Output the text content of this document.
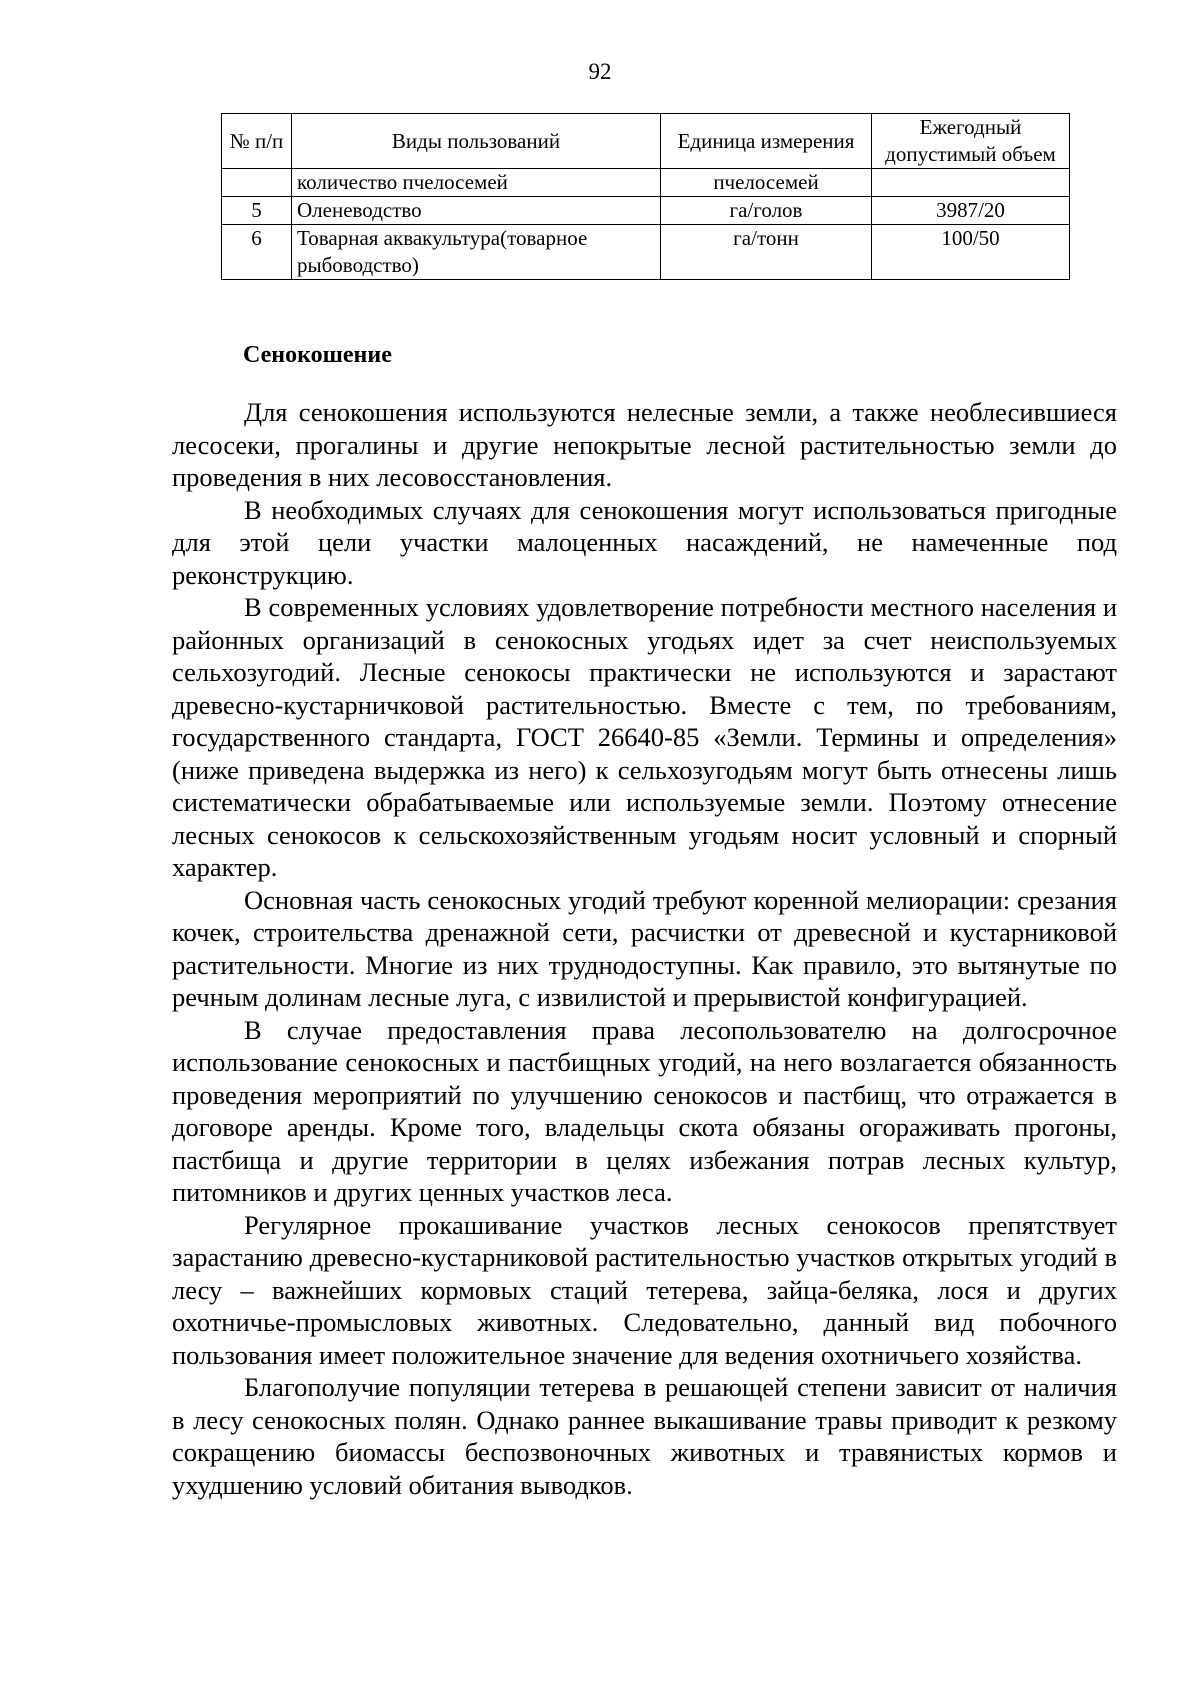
92
№ п/п	Виды пользований	Единица измерения	Ежегодный допустимый объем
	количество пчелосемей	пчелосемей	
5	Оленеводство	га/голов	3987/20
6	Товарная аквакультура(товарное рыбоводство)	га/тонн	100/50
Сенокошение

Для сенокошения используются нелесные земли, а также необлесившиеся лесосеки, прогалины и другие непокрытые лесной растительностью земли до проведения в них лесовосстановления.

В необходимых случаях для сенокошения могут использоваться пригодные для этой цели участки малоценных насаждений, не намеченные под реконструкцию.

В современных условиях удовлетворение потребности местного населения и районных организаций в сенокосных угодьях идет за счет неиспользуемых сельхозугодий. Лесные сенокосы практически не используются и зарастают древесно-кустарничковой растительностью. Вместе с тем, по требованиям, государственного стандарта, ГОСТ 26640-85 «Земли. Термины и определения» (ниже приведена выдержка из него) к сельхозугодьям могут быть отнесены лишь систематически обрабатываемые или используемые земли. Поэтому отнесение лесных сенокосов к сельскохозяйственным угодьям носит условный и спорный характер.

Основная часть сенокосных угодий требуют коренной мелиорации: срезания кочек, строительства дренажной сети, расчистки от древесной и кустарниковой растительности. Многие из них труднодоступны. Как правило, это вытянутые по речным долинам лесные луга, с извилистой и прерывистой конфигурацией.

В случае предоставления права лесопользователю на долгосрочное использование сенокосных и пастбищных угодий, на него возлагается обязанность проведения мероприятий по улучшению сенокосов и пастбищ, что отражается в договоре аренды. Кроме того, владельцы скота обязаны огораживать прогоны, пастбища и другие территории в целях избежания потрав лесных культур, питомников и других ценных участков леса.

Регулярное прокашивание участков лесных сенокосов препятствует зарастанию древесно-кустарниковой растительностью участков открытых угодий в лесу – важнейших кормовых стаций тетерева, зайца-беляка, лося и других охотничье-промысловых животных. Следовательно, данный вид побочного пользования имеет положительное значение для ведения охотничьего хозяйства.

Благополучие популяции тетерева в решающей степени зависит от наличия в лесу сенокосных полян. Однако раннее выкашивание травы приводит к резкому сокращению биомассы беспозвоночных животных и травянистых кормов и ухудшению условий обитания выводков.
